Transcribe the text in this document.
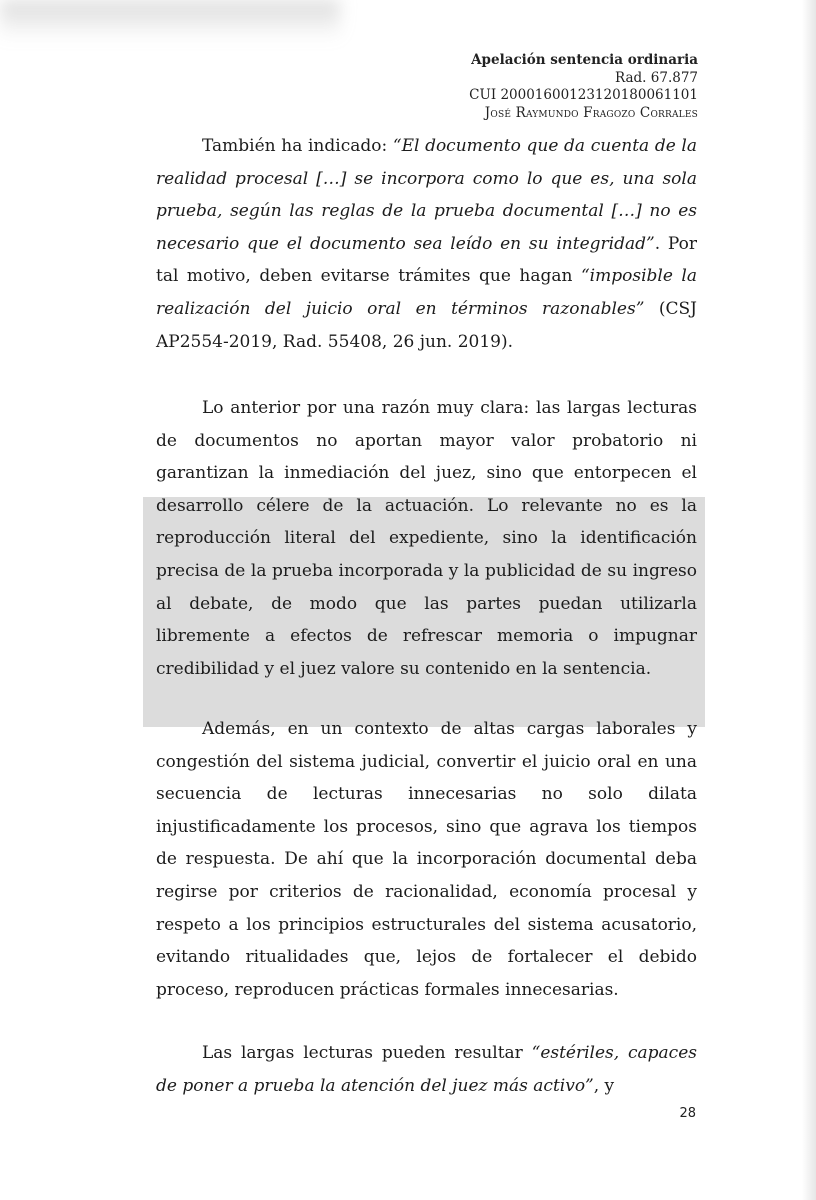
Apelación sentencia ordinaria
Rad. 67.877
CUI 20001600123120180061101
José Raymundo Fragozo Corrales

También ha indicado: “El documento que da cuenta de la realidad procesal […] se incorpora como lo que es, una sola prueba, según las reglas de la prueba documental […] no es necesario que el documento sea leído en su integridad”. Por tal motivo, deben evitarse trámites que hagan “imposible la realización del juicio oral en términos razonables” (CSJ AP2554-2019, Rad. 55408, 26 jun. 2019).

Lo anterior por una razón muy clara: las largas lecturas de documentos no aportan mayor valor probatorio ni garantizan la inmediación del juez, sino que entorpecen el desarrollo célere de la actuación. Lo relevante no es la reproducción literal del expediente, sino la identificación precisa de la prueba incorporada y la publicidad de su ingreso al debate, de modo que las partes puedan utilizarla libremente a efectos de refrescar memoria o impugnar credibilidad y el juez valore su contenido en la sentencia.

Además, en un contexto de altas cargas laborales y congestión del sistema judicial, convertir el juicio oral en una secuencia de lecturas innecesarias no solo dilata injustificadamente los procesos, sino que agrava los tiempos de respuesta. De ahí que la incorporación documental deba regirse por criterios de racionalidad, economía procesal y respeto a los principios estructurales del sistema acusatorio, evitando ritualidades que, lejos de fortalecer el debido proceso, reproducen prácticas formales innecesarias.

Las largas lecturas pueden resultar “estériles, capaces de poner a prueba la atención del juez más activo”, y

28
